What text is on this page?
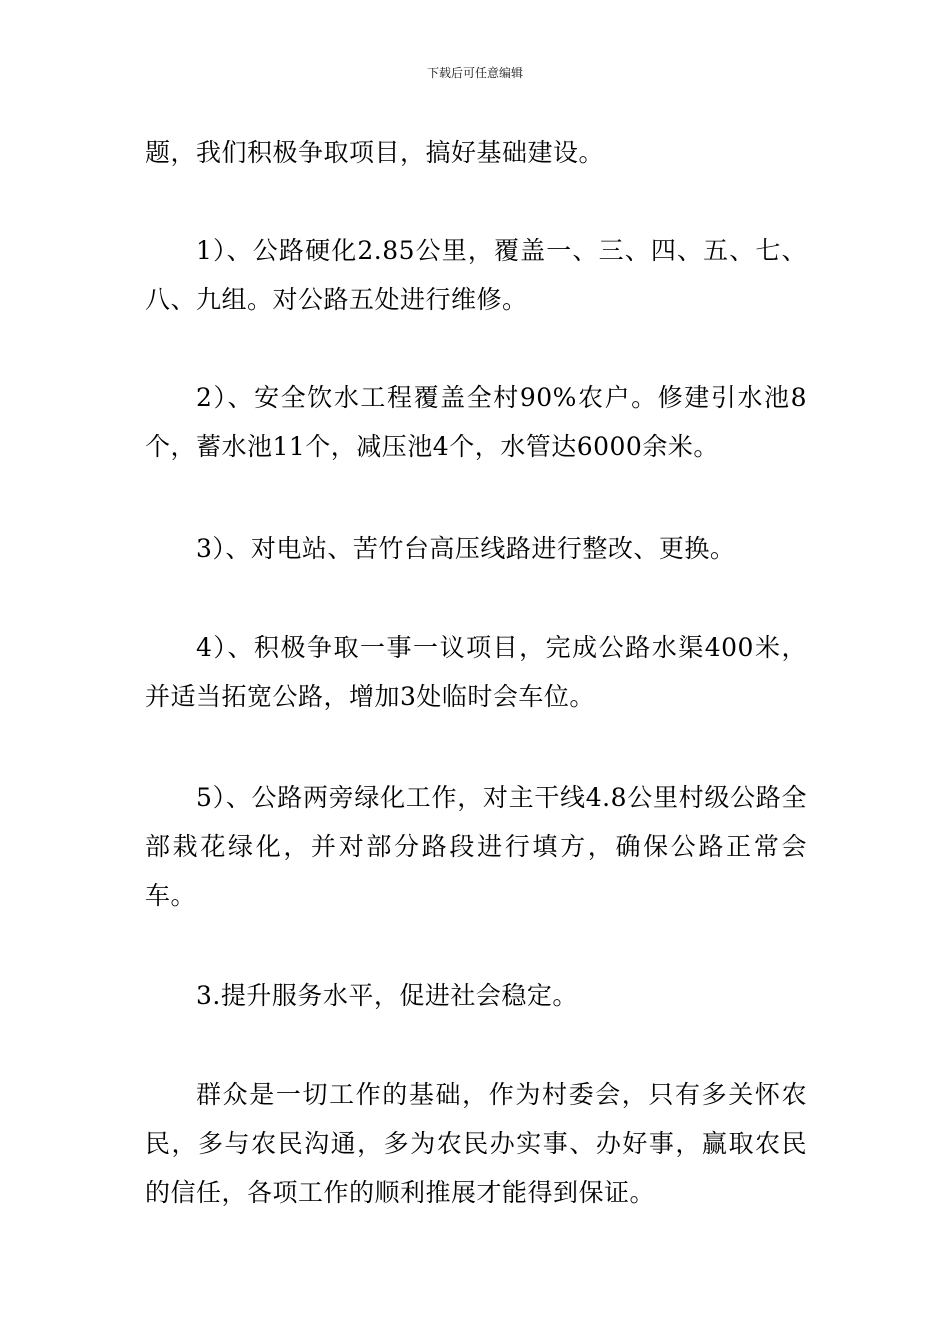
下载后可任意编辑

题，我们积极争取项目，搞好基础建设。

1）、公路硬化2.85公里，覆盖一、三、四、五、七、八、九组。对公路五处进行维修。

2）、安全饮水工程覆盖全村90%农户。修建引水池8个，蓄水池11个，减压池4个，水管达6000余米。

3）、对电站、苦竹台高压线路进行整改、更换。

4）、积极争取一事一议项目，完成公路水渠400米，并适当拓宽公路，增加3处临时会车位。

5）、公路两旁绿化工作，对主干线4.8公里村级公路全部栽花绿化，并对部分路段进行填方，确保公路正常会车。

3.提升服务水平，促进社会稳定。

群众是一切工作的基础，作为村委会，只有多关怀农民，多与农民沟通，多为农民办实事、办好事，赢取农民的信任，各项工作的顺利推展才能得到保证。
